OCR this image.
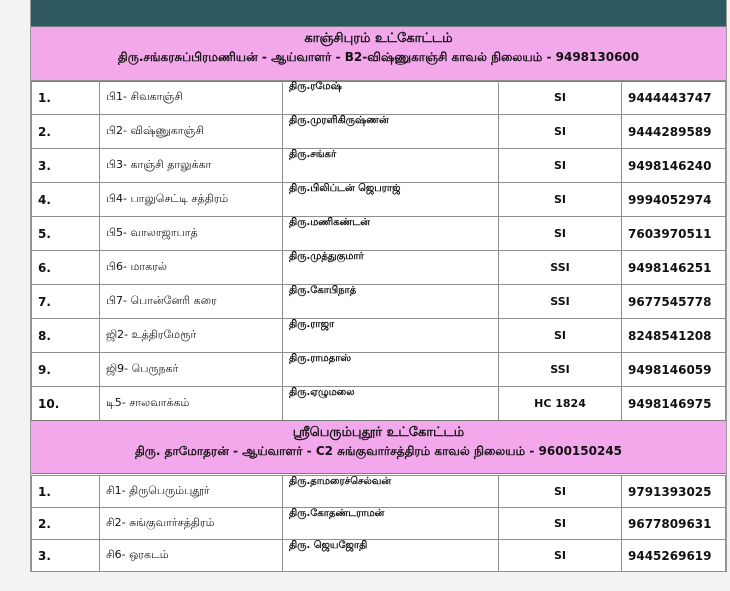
காஞ்சிபுரம் உட்கோட்டம்
திரு.சங்கரசுப்பிரமணியன் - ஆய்வாளர் - B2-விஷ்ணுகாஞ்சி காவல் நிலையம் - 9498130600
1.	பி1- சிவகாஞ்சி	திரு.ரமேஷ்	SI	9444443747
2.	பி2- விஷ்ணுகாஞ்சி	திரு.முரளிகிருஷ்ணன்	SI	9444289589
3.	பி3- காஞ்சி தாலுக்கா	திரு.சங்கர்	SI	9498146240
4.	பி4- பாலுசெட்டி சத்திரம்	திரு.பிலிப்டன் ஜெபராஜ்	SI	9994052974
5.	பி5- வாலாஜாபாத்	திரு.மணிகண்டன்	SI	7603970511
6.	பி6- மாகரல்	திரு.முத்துகுமார்	SSI	9498146251
7.	பி7- பொன்னேரி கரை	திரு.கோபிநாத்	SSI	9677545778
8.	ஜி2- உத்திரமேரூர்	திரு.ராஜா	SI	8248541208
9.	ஜி9- பெருநகர்	திரு.ராமதாஸ்	SSI	9498146059
10.	டி5- சாலவாக்கம்	திரு.ஏழுமலை	HC 1824	9498146975
ஸ்ரீபெரும்புதூர் உட்கோட்டம்
திரு. தாமோதரன் - ஆய்வாளர் - C2 சுங்குவார்சத்திரம் காவல் நிலையம் - 9600150245
1.	சி1- திருபெரும்புதூர்	திரு.தாமரைச்செல்வன்	SI	9791393025
2.	சி2- சுங்குவார்சத்திரம்	திரு.கோதண்டராமன்	SI	9677809631
3.	சி6- ஒரகடம்	திரு. ஜெயஜோதி	SI	9445269619
